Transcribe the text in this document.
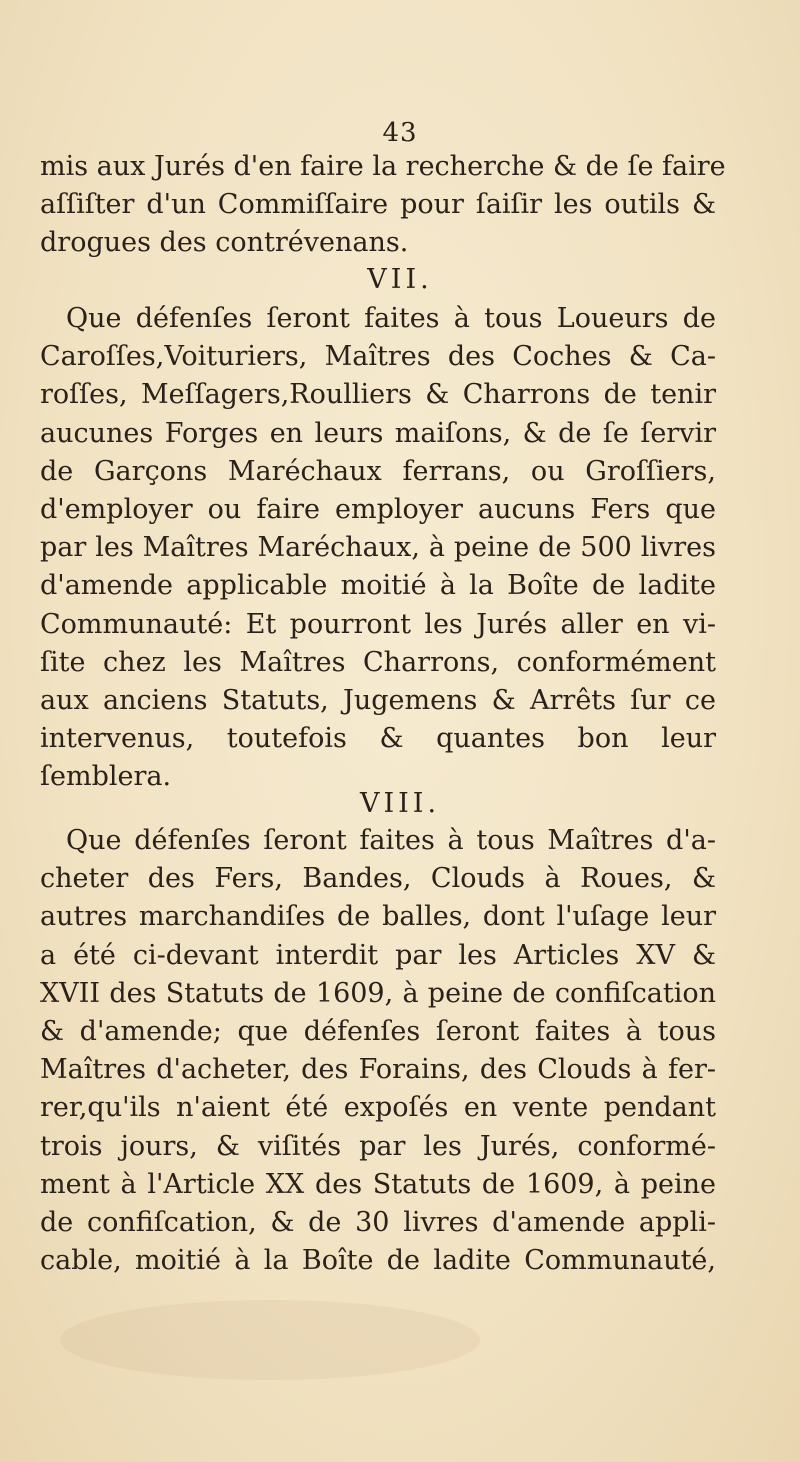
43
mis aux Jurés d'en faire la recherche & de ſe faire
aſſiſter d'un Commiſſaire pour ſaiſir les outils &
drogues des contrévenans.
VII.
Que défenſes ſeront faites à tous Loueurs de
Caroſſes,Voituriers, Maîtres des Coches & Ca-
roſſes, Meſſagers,Roulliers & Charrons de tenir
aucunes Forges en leurs maiſons, & de ſe ſervir
de Garçons Maréchaux ferrans, ou Groſſiers,
d'employer ou faire employer aucuns Fers que
par les Maîtres Maréchaux, à peine de 500 livres
d'amende applicable moitié à la Boîte de ladite
Communauté: Et pourront les Jurés aller en vi-
ſite chez les Maîtres Charrons, conformément
aux anciens Statuts, Jugemens & Arrêts ſur ce
intervenus, toutefois & quantes bon leur
ſemblera.
VIII.
Que défenſes ſeront faites à tous Maîtres d'a-
cheter des Fers, Bandes, Clouds à Roues, &
autres marchandiſes de balles, dont l'uſage leur
a été ci-devant interdit par les Articles XV &
XVII des Statuts de 1609, à peine de confiſcation
& d'amende; que défenſes ſeront faites à tous
Maîtres d'acheter, des Forains, des Clouds à fer-
rer,qu'ils n'aient été expoſés en vente pendant
trois jours, & viſités par les Jurés, conformé-
ment à l'Article XX des Statuts de 1609, à peine
de confiſcation, & de 30 livres d'amende appli-
cable, moitié à la Boîte de ladite Communauté,
